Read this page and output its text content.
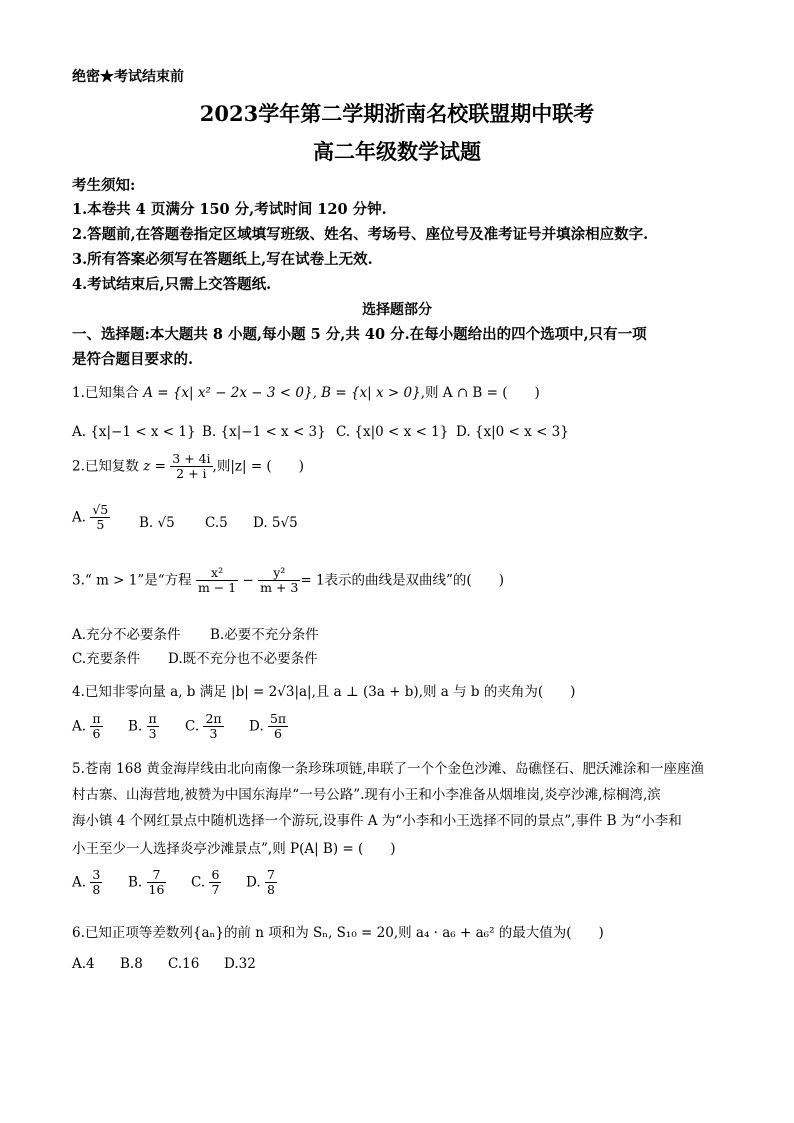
绝密★考试结束前
2023学年第二学期浙南名校联盟期中联考
高二年级数学试题
考生须知:
1.本卷共 4 页满分 150 分,考试时间 120 分钟.
2.答题前,在答题卷指定区域填写班级、姓名、考场号、座位号及准考证号并填涂相应数字.
3.所有答案必须写在答题纸上,写在试卷上无效.
4.考试结束后,只需上交答题纸.
选择题部分
一、选择题:本大题共 8 小题,每小题 5 分,共 40 分.在每小题给出的四个选项中,只有一项
是符合题目要求的.
1.已知集合 A = {x| x² − 2x − 3 < 0}, B = {x| x > 0},则 A ∩ B = (　　)
A. {x|−1 < x < 1} B. {x|−1 < x < 3} C. {x|0 < x < 1} D. {x|0 < x < 3}
2.已知复数 $z = \frac{3 + 4i}{2 + i}$ ,则|z| = (　　)
A. $\frac{√5}{5} B$. √5 C.5 D. 5√5
3.“ m > 1”是“方程 $\frac{\text{x²}}{m - 1} - \frac{\text{y²}}{m + 3} = 1$表示的曲线是双曲线”的(　　)
A.充分不必要条件 B.必要不充分条件
C.充要条件 D.既不充分也不必要条件
4.已知非零向量 a, b 满足 |b| = 2√3|a|,且 a ⊥ (3a + b),则 a 与 b 的夹角为(　　)
A. $\frac{\pi}{6} B$. $\frac{\pi}{3} C$. $\frac{2\pi}{3} D$. $\frac{5\pi}{6}$
5.苍南 168 黄金海岸线由北向南像一条珍珠项链,串联了一个个金色沙滩、岛礁怪石、肥沃滩涂和一座座渔
村古寨、山海营地,被赞为中国东海岸“一号公路”.现有小王和小李准备从烟堆岗,炎亭沙滩,棕榈湾,滨
海小镇 4 个网红景点中随机选择一个游玩,设事件 A 为“小李和小王选择不同的景点”,事件 B 为“小李和
小王至少一人选择炎亭沙滩景点”,则 P(A| B) = (　　)
A. $\frac{3}{8} B$. $\frac{7}{16} C$. $\frac{6}{7} D$. $\frac{7}{8}$
6.已知正项等差数列{aₙ}的前 n 项和为 Sₙ, S₁₀ = 20,则 a₄ · a₆ + a₆² 的最大值为(　　)
A.4 B.8 C.16 D.32
